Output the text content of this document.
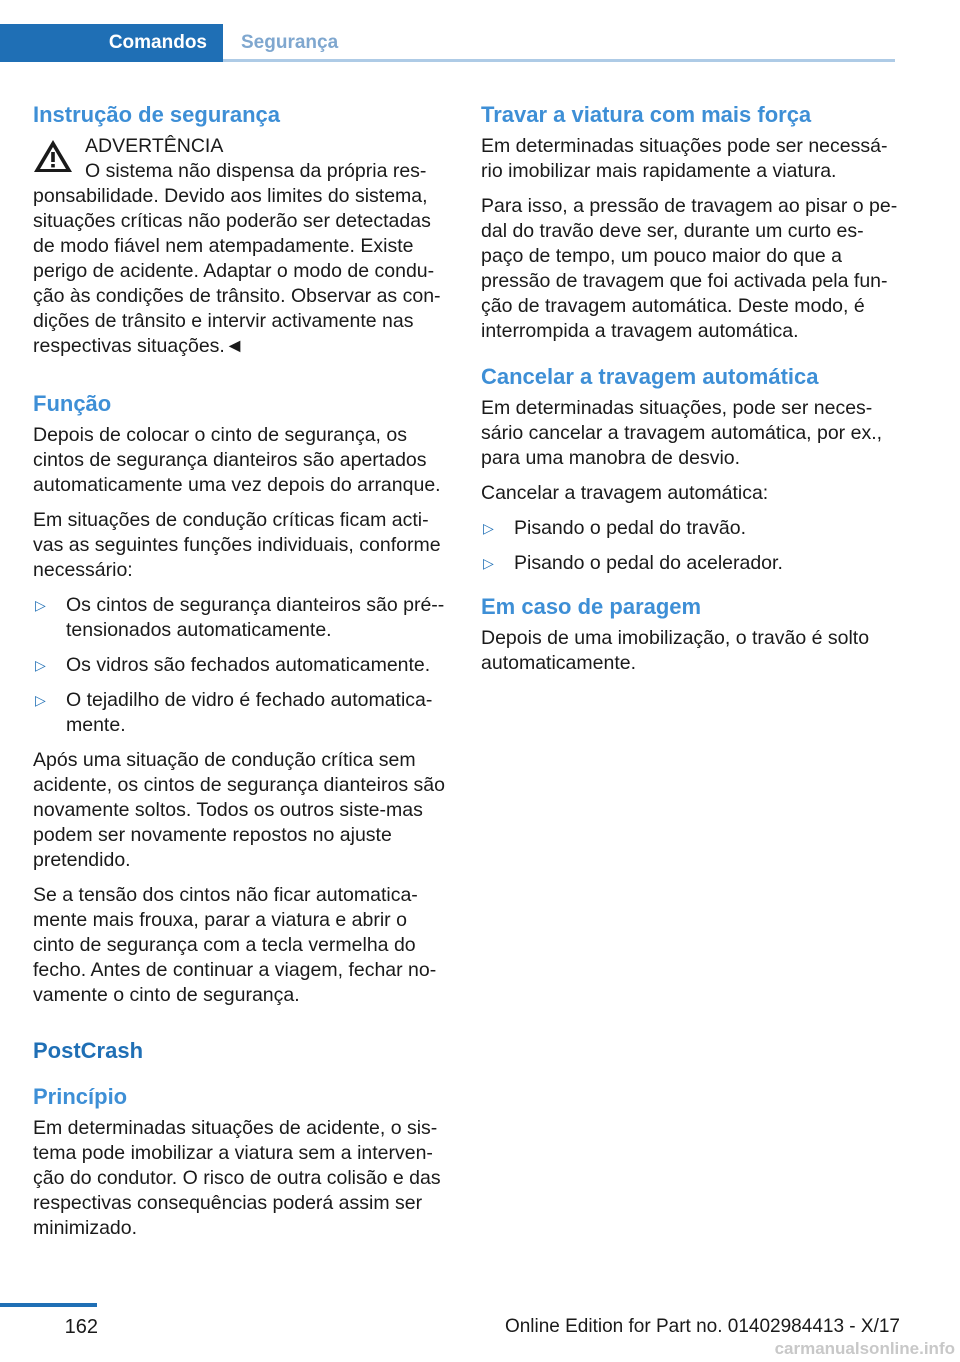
Comandos Segurança
Instrução de segurança
ADVERTÊNCIA
O sistema não dispensa da própria res-ponsabilidade. Devido aos limites do sistema, situações críticas não poderão ser detectadas de modo fiável nem atempadamente. Existe perigo de acidente. Adaptar o modo de condu-ção às condições de trânsito. Observar as con-dições de trânsito e intervir activamente nas respectivas situações.◄
Função

Depois de colocar o cinto de segurança, os cintos de segurança dianteiros são apertados automaticamente uma vez depois do arranque.

Em situações de condução críticas ficam acti-vas as seguintes funções individuais, conforme necessário:

▷ Os cintos de segurança dianteiros são pré--tensionados automaticamente.
▷ Os vidros são fechados automaticamente.
▷ O tejadilho de vidro é fechado automatica-mente.

Após uma situação de condução crítica sem acidente, os cintos de segurança dianteiros são novamente soltos. Todos os outros siste-mas podem ser novamente repostos no ajuste pretendido.

Se a tensão dos cintos não ficar automatica-mente mais frouxa, parar a viatura e abrir o cinto de segurança com a tecla vermelha do fecho. Antes de continuar a viagem, fechar no-vamente o cinto de segurança.

PostCrash
Princípio

Em determinadas situações de acidente, o sis-tema pode imobilizar a viatura sem a interven-ção do condutor. O risco de outra colisão e das respectivas consequências poderá assim ser minimizado.

Travar a viatura com mais força

Em determinadas situações pode ser necessá-rio imobilizar mais rapidamente a viatura.

Para isso, a pressão de travagem ao pisar o pe-dal do travão deve ser, durante um curto es-paço de tempo, um pouco maior do que a pressão de travagem que foi activada pela fun-ção de travagem automática. Deste modo, é interrompida a travagem automática.

Cancelar a travagem automática

Em determinadas situações, pode ser neces-sário cancelar a travagem automática, por ex., para uma manobra de desvio.

Cancelar a travagem automática:

▷ Pisando o pedal do travão.
▷ Pisando o pedal do acelerador.
Em caso de paragem

Depois de uma imobilização, o travão é solto automaticamente.

162	Online Edition for Part no. 01402984413 - X/17
carmanualsonline.info
